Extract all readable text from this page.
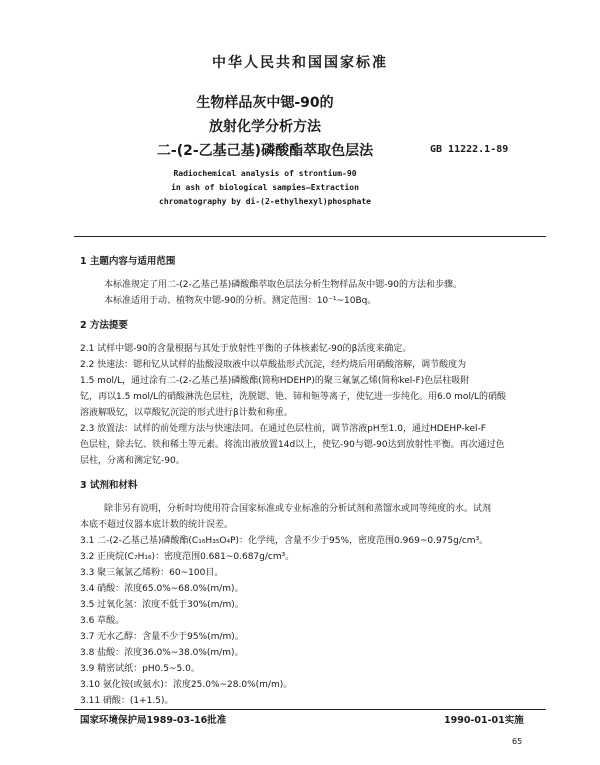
中华人民共和国国家标准
生物样品灰中锶-90的
放射化学分析方法
二-(2-乙基己基)磷酸酯萃取色层法	GB 11222.1-89
Radiochemical analysis of strontium-90
in ash of biological sampies—Extraction
chromatography by di-(2-ethylhexyl)phosphate
1 主题内容与适用范围
本标准规定了用二-(2-乙基己基)磷酸酯萃取色层法分析生物样品灰中锶-90的方法和步骤。
本标准适用于动、植物灰中锶-90的分析。测定范围：10⁻¹~10Bq。
2 方法提要
2.1 试样中锶-90的含量根据与其处于放射性平衡的子体核素钇-90的β活度来确定。
2.2 快速法：锶和钇从试样的盐酸浸取液中以草酸盐形式沉淀，经灼烧后用硝酸溶解，调节酸度为
1.5 mol/L，通过涂有二-(2-乙基己基)磷酸酯(简称HDEHP)的聚三氟氯乙烯(简称kel-F)色层柱吸附
钇，再以1.5 mol/L的硝酸淋洗色层柱，洗脱锶、铯、铈和钷等离子，使钇进一步纯化。用6.0 mol/L的硝酸
溶液解吸钇，以草酸钇沉淀的形式进行β计数和称重。
2.3 放置法：试样的前处理方法与快速法同。在通过色层柱前，调节溶液pH至1.0，通过HDEHP-kel-F
色层柱，除去钇、铁和稀土等元素。将流出液放置14d以上，使钇-90与锶-90达到放射性平衡。再次通过色
层柱，分离和测定钇-90。
3 试剂和材料
除非另有说明，分析时均使用符合国家标准或专业标准的分析试剂和蒸馏水或同等纯度的水。试剂
本底不超过仪器本底计数的统计误差。
3.1 二-(2-乙基己基)磷酸酯(C₁₆H₃₅O₄P)：化学纯，含量不少于95%，密度范围0.969~0.975g/cm³。
3.2 正庚烷(C₇H₁₆)：密度范围0.681~0.687g/cm³。
3.3 聚三氟氯乙烯粉：60~100目。
3.4 硝酸：浓度65.0%~68.0%(m/m)。
3.5 过氧化氢：浓度不低于30%(m/m)。
3.6 草酸。
3.7 无水乙醇：含量不少于95%(m/m)。
3.8 盐酸：浓度36.0%~38.0%(m/m)。
3.9 精密试纸：pH0.5~5.0。
3.10 氨化铵(或氨水)：浓度25.0%~28.0%(m/m)。
3.11 硝酸：(1+1.5)。
国家环境保护局1989-03-16批准	1990-01-01实施
65
